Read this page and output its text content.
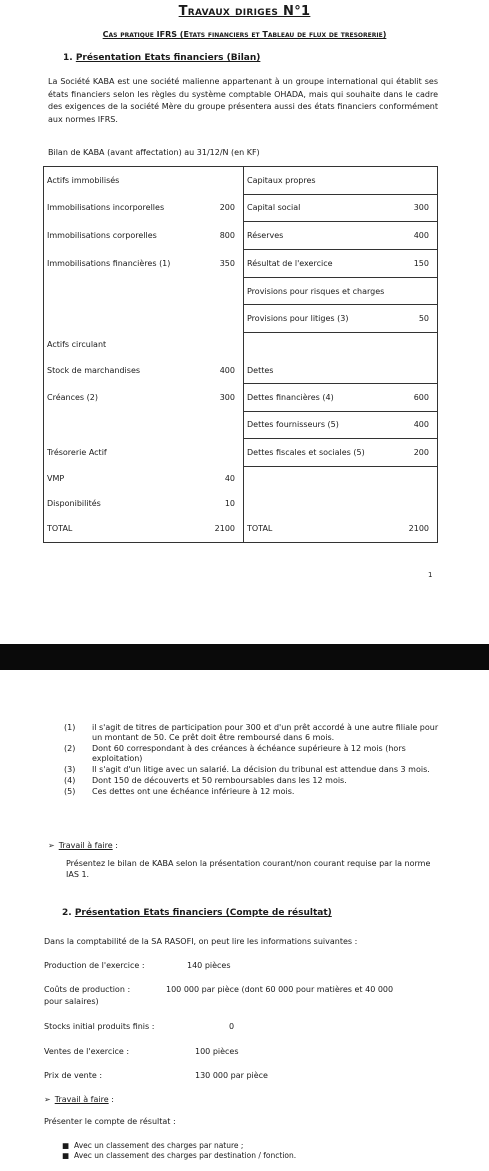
Travaux diriges N°1
Cas pratique IFRS (Etats financiers et Tableau de flux de tresorerie)
1. Présentation Etats financiers (Bilan)
La Société KABA est une société malienne appartenant à un groupe international qui établit ses états financiers selon les règles du système comptable OHADA, mais qui souhaite dans le cadre des exigences de la société Mère du groupe présentera aussi des états financiers conformément aux normes IFRS.
Bilan de KABA (avant affectation) au 31/12/N (en KF)
Actifs immobilisés		Capitaux propres	
Immobilisations incorporelles	200	Capital social	300
Immobilisations corporelles	800	Réserves	400
Immobilisations financières (1)	350	Résultat de l'exercice	150

		Provisions pour risques et charges	
		Provisions pour litiges (3)	50
Actifs circulant			
Stock de marchandises	400	Dettes	
Créances (2)	300	Dettes financières (4)	600
		Dettes fournisseurs (5)	400
Trésorerie Actif		Dettes fiscales et sociales (5)	200
VMP	40		
Disponibilités	10		

TOTAL	2100	TOTAL	2100

1
(1) il s'agit de titres de participation pour 300 et d'un prêt accordé à une autre filiale pour un montant de 50. Ce prêt doit être remboursé dans 6 mois.
(2) Dont 60 correspondant à des créances à échéance supérieure à 12 mois (hors exploitation)
(3) Il s'agit d'un litige avec un salarié. La décision du tribunal est attendue dans 3 mois.
(4) Dont 150 de découverts et 50 remboursables dans les 12 mois.
(5) Ces dettes ont une échéance inférieure à 12 mois.
➢ Travail à faire :
Présentez le bilan de KABA selon la présentation courant/non courant requise par la norme IAS 1.
2. Présentation Etats financiers (Compte de résultat)
Dans la comptabilité de la SA RASOFI, on peut lire les informations suivantes :
Production de l'exercice :	140 pièces
Coûts de production :	100 000 par pièce (dont 60 000 pour matières et 40 000
pour salaires)
Stocks initial produits finis :	0
Ventes de l'exercice :	100 pièces
Prix de vente :	130 000 par pièce
➢ Travail à faire :
Présenter le compte de résultat :
■ Avec un classement des charges par nature ;
■ Avec un classement des charges par destination / fonction.
